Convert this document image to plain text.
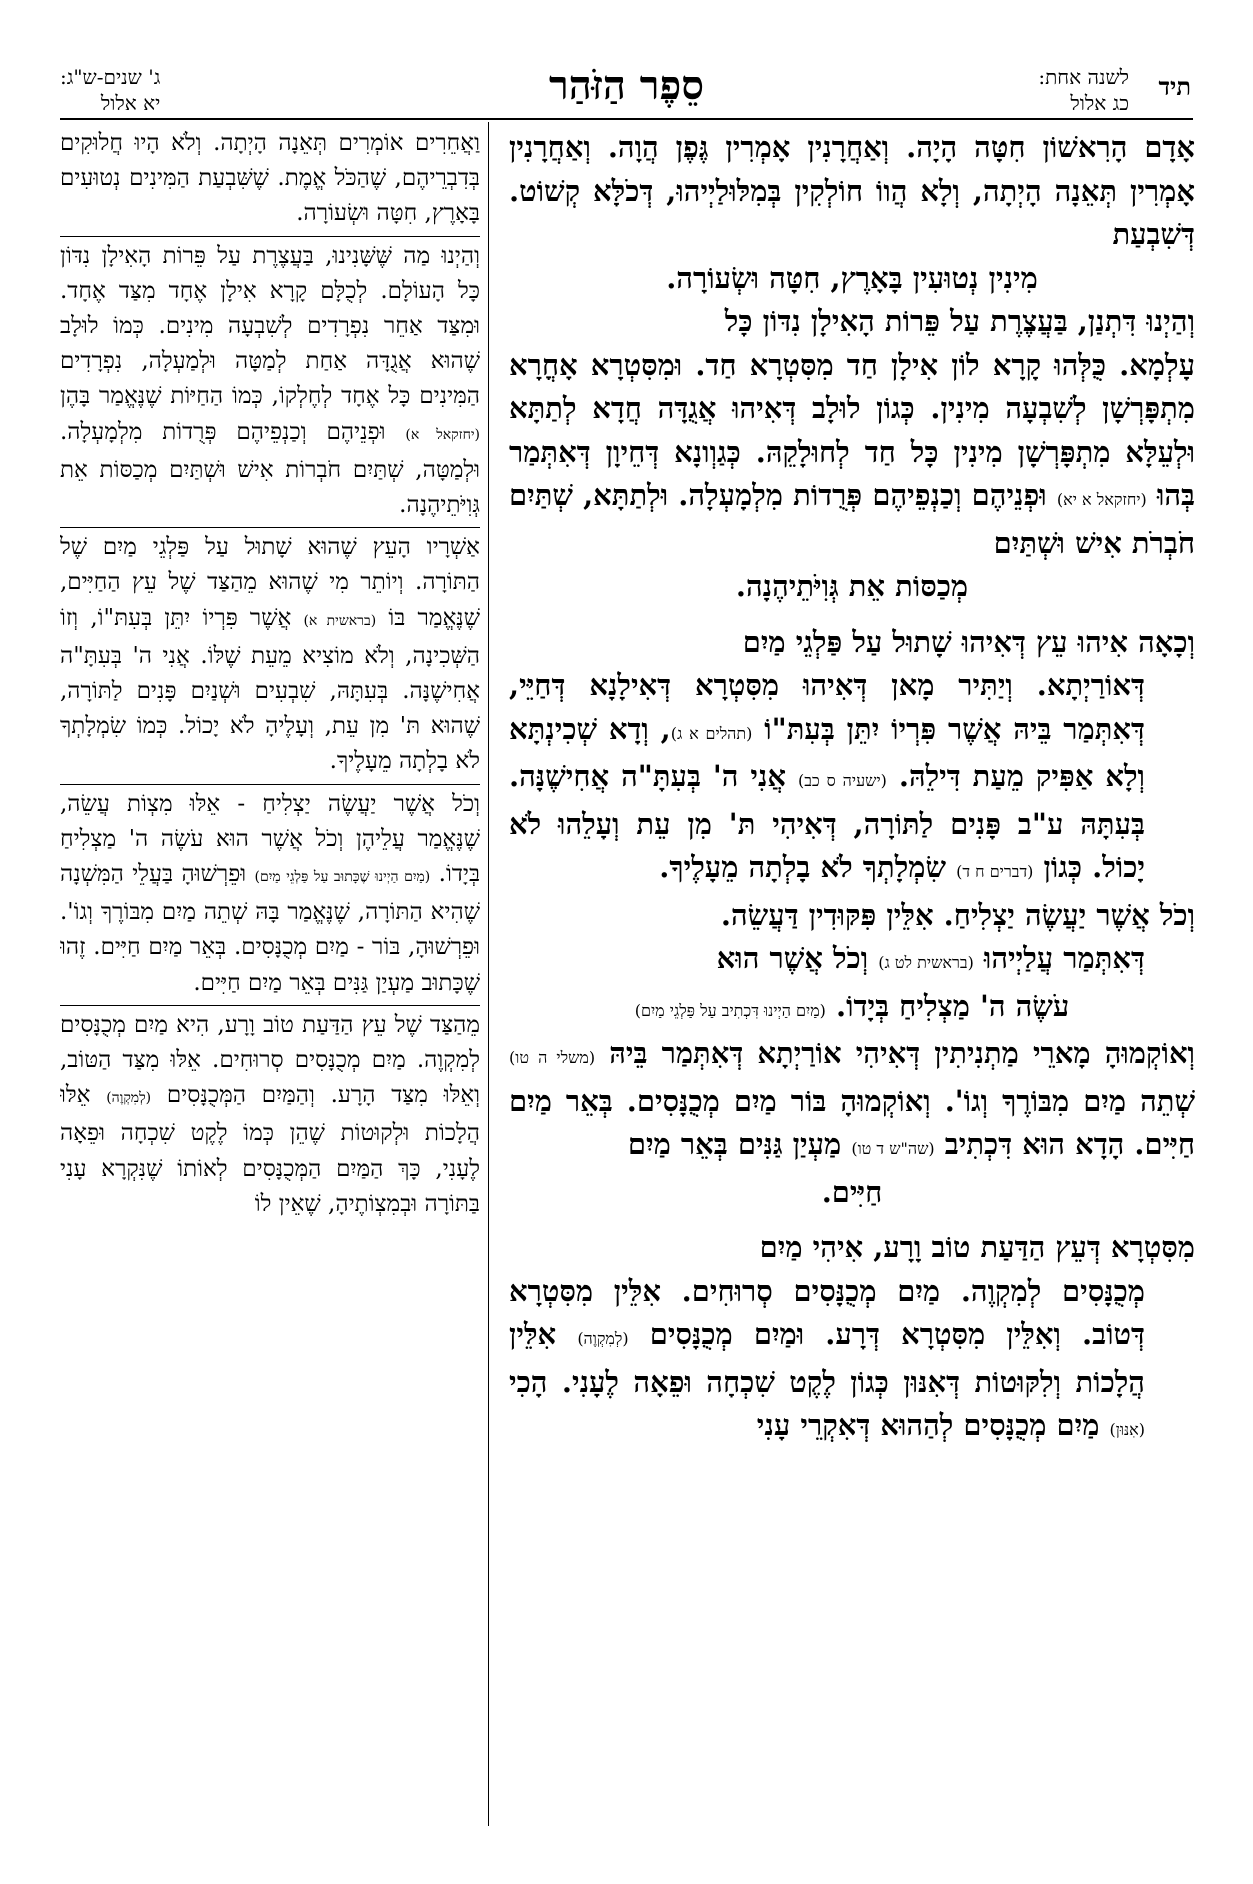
תיד
לשנה אחת:
כג אלול
סֵפֶר הַזֹּהַר
ג' שנים-ש"ג:
יא אלול

אָדָם הָרִאשׁוֹן חִטָּה הָיָה. וְאַחֲרָנִין אָמְרִין גֶּפֶן הֲוָה. וְאַחֲרָנִין אָמְרִין תְּאֵנָה הָיְתָה, וְלָא הֲווֹ חוֹלְקִין בְּמִלּוּלַיְיהוּ, דְּכֹלָּא קְשׁוֹט. דְּשִׁבְעַת

מִינִין נְטוּעִין בָּאָרֶץ, חִטָּה וּשְׂעוֹרָה.

וְהַיְנוּ דִּתְנַן, בַּעֲצֶרֶת עַל פֵּרוֹת הָאִילָן נִדּוֹן כָּל

עָלְמָא. כֻּלְּהוּ קָרָא לוֹן אִילָן חַד מִסִּטְרָא חַד. וּמִסִּטְרָא אָחֳרָא מִתְפָּרְשָׁן לְשִׁבְעָה מִינִין. כְּגוֹן לוּלָב דְּאִיהוּ אֲגֻדָּה חֲדָא לְתַתָּא וּלְעֵלָּא מִתְפָּרְשָׁן מִינִין כָּל חַד לְחוּלָקֵהּ. כְּגַוְונָא דְּחֵיוָן דְּאִתְּמַר בְּהוּ (יחזקאל א יא) וּפְנֵיהֶם וְכַנְפֵיהֶם פְּרֻדוֹת מִלְמָעְלָה. וּלְתַתָּא, שְׁתַּיִם חֹבְרֹת אִישׁ וּשְׁתַּיִם

מְכַסּוֹת אֵת גְּוִיֹּתֵיהֶנָה.

וְכָאָה אִיהוּ עֵץ דְּאִיהוּ שָׁתוּל עַל פַּלְגֵי מַיִם

דְּאוֹרַיְתָא. וְיַתִּיר מָאן דְּאִיהוּ מִסִּטְרָא דְּאִילָנָא דְּחַיֵּי, דְּאִתְּמַר בֵּיהּ אֲשֶׁר פִּרְיוֹ יִתֵּן בְּעִתּ"וֹ (תהלים א ג), וְדָא שְׁכִינְתָּא וְלָא אַפִּיק מֵעַת דִּילֵהּ. (ישעיה ס כב) אֲנִי ה' בְּעִתָּ"ה אֲחִישֶׁנָּה. בְּעִתָּהּ ע"ב פָּנִים לַתּוֹרָה, דְּאִיהִי תּ' מִן עֵת וְעָלֵהוּ לֹא יָכוֹל. כְּגוֹן (דברים ח ד) שִׂמְלָתְךָ לֹא בָלְתָה מֵעָלֶיךָ.

וְכֹל אֲשֶׁר יַעֲשֶׂה יַצְלִיחַ. אִלֵּין פִּקּוּדִין דַּעֲשֵׂה.

דְּאִתְּמַר עֲלַיְיהוּ (בראשית לט ג) וְכֹל אֲשֶׁר הוּא

עֹשֶׂה ה' מַצְלִיחַ בְּיָדוֹ. (מַיִם הַיְינוּ דִּכְתִיב עַל פַּלְגֵי מַיִם)

וְאוֹקְמוּהָ מָארֵי מַתְנִיתִין דְּאִיהִי אוֹרַיְתָא דְּאִתְּמַר בֵּיהּ (משלי ה טו) שְׁתֵה מַיִם מִבּוֹרֶךָ וְגוֹ'. וְאוֹקְמוּהָ בּוֹר מַיִם מְכֻנָּסִים. בְּאֵר מַיִם חַיִּים. הָדָא הוּא דִּכְתִיב (שה"ש ד טו) מַעְיַן גַּנִּים בְּאֵר מַיִם

חַיִּים.

מִסִּטְרָא דְּעֵץ הַדַּעַת טוֹב וָרָע, אִיהִי מַיִם

מְכֻנָּסִים לְמִקְוֶה. מַיִם מְכֻנָּסִים סְרוּחִים. אִלֵּין מִסִּטְרָא דְּטוֹב. וְאִלֵּין מִסִּטְרָא דְּרָע. וּמַיִם מְכֻנָּסִים (לְמִקְוֶה) אִלֵּין הֲלָכוֹת וְלִקּוּטוֹת דְּאִנּוּן כְּגוֹן לֶקֶט שִׁכְחָה וּפֵאָה לֶעָנִי. הָכִי (אִנּוּן) מַיִם מְכֻנָּסִים לְהַהוּא דְּאִקְרֵי עָנִי

וַאֲחֵרִים אוֹמְרִים תְּאֵנָה הָיְתָה. וְלֹא הָיוּ חֲלוּקִים בְּדִבְרֵיהֶם, שֶׁהַכֹּל אֱמֶת. שֶׁשִּׁבְעַת הַמִּינִים נְטוּעִים בָּאָרֶץ, חִטָּה וּשְׂעוֹרָה.

וְהַיְנוּ מַה שֶּׁשָּׁנִינוּ, בַּעֲצֶרֶת עַל פֵּרוֹת הָאִילָן נִדּוֹן כָּל הָעוֹלָם. לְכֻלָּם קָרָא אִילָן אֶחָד מִצַּד אֶחָד. וּמִצַּד אַחֵר נִפְרָדִים לְשִׁבְעָה מִינִים. כְּמוֹ לוּלָב שֶׁהוּא אֲגֻדָּה אַחַת לְמַטָּה וּלְמַעְלָה, נִפְרָדִים הַמִּינִים כָּל אֶחָד לְחֶלְקוֹ, כְּמוֹ הַחַיּוֹת שֶׁנֶּאֱמַר בָּהֶן (יחזקאל א) וּפְנֵיהֶם וְכַנְפֵיהֶם פְּרֻדוֹת מִלְמָעְלָה. וּלְמַטָּה, שְׁתַּיִם חֹבְרוֹת אִישׁ וּשְׁתַּיִם מְכַסּוֹת אֵת גְּוִיֹּתֵיהֶנָה.

אַשְׁרָיו הָעֵץ שֶׁהוּא שָׁתוּל עַל פַּלְגֵי מַיִם שֶׁל הַתּוֹרָה. וְיוֹתֵר מִי שֶׁהוּא מֵהַצַּד שֶׁל עֵץ הַחַיִּים, שֶׁנֶּאֱמַר בּוֹ (בראשית א) אֲשֶׁר פִּרְיוֹ יִתֵּן בְּעִתּ"וֹ, וְזוֹ הַשְּׁכִינָה, וְלֹא מוֹצִיא מֵעֵת שֶׁלּוֹ. אֲנִי ה' בְּעִתָּ"ה אֲחִישֶׁנָּה. בְּעִתָּהּ, שִׁבְעִים וּשְׁנַיִם פָּנִים לַתּוֹרָה, שֶׁהוּא תּ' מִן עֵת, וְעָלֶיהָ לֹא יָכוֹל. כְּמוֹ שִׂמְלָתְךָ לֹא בָלְתָה מֵעָלֶיךָ.

וְכֹל אֲשֶׁר יַעֲשֶׂה יַצְלִיחַ - אֵלּוּ מִצְוֹת עֲשֵׂה, שֶׁנֶּאֱמַר עֲלֵיהֶן וְכֹל אֲשֶׁר הוּא עֹשֶׂה ה' מַצְלִיחַ בְּיָדוֹ. (מַיִם הַיְינוּ שֶׁכָּתוּב עַל פַּלְגֵי מַיִם) וּפֵרְשׁוּהָ בַּעֲלֵי הַמִּשְׁנָה שֶׁהִיא הַתּוֹרָה, שֶׁנֶּאֱמַר בָּהּ שְׁתֵה מַיִם מִבּוֹרֶךָ וְגוֹ'. וּפֵרְשׁוּהָ, בּוֹר - מַיִם מְכֻנָּסִים. בְּאֵר מַיִם חַיִּים. זֶהוּ שֶׁכָּתוּב מַעְיַן גַּנִּים בְּאֵר מַיִם חַיִּים.

מֵהַצַּד שֶׁל עֵץ הַדַּעַת טוֹב וָרָע, הִיא מַיִם מְכֻנָּסִים לְמִקְוֶה. מַיִם מְכֻנָּסִים סְרוּחִים. אֵלּוּ מִצַּד הַטּוֹב, וְאֵלּוּ מִצַּד הָרָע. וְהַמַּיִם הַמְּכֻנָּסִים (לְמִקְוֶה) אֵלּוּ הֲלָכוֹת וּלְקוּטוֹת שֶׁהֵן כְּמוֹ לֶקֶט שִׁכְחָה וּפֵאָה לֶעָנִי, כָּךְ הַמַּיִם הַמְּכֻנָּסִים לְאוֹתוֹ שֶׁנִּקְרָא עָנִי בַּתּוֹרָה וּבְמִצְוֹתֶיהָ, שֶׁאֵין לוֹ
